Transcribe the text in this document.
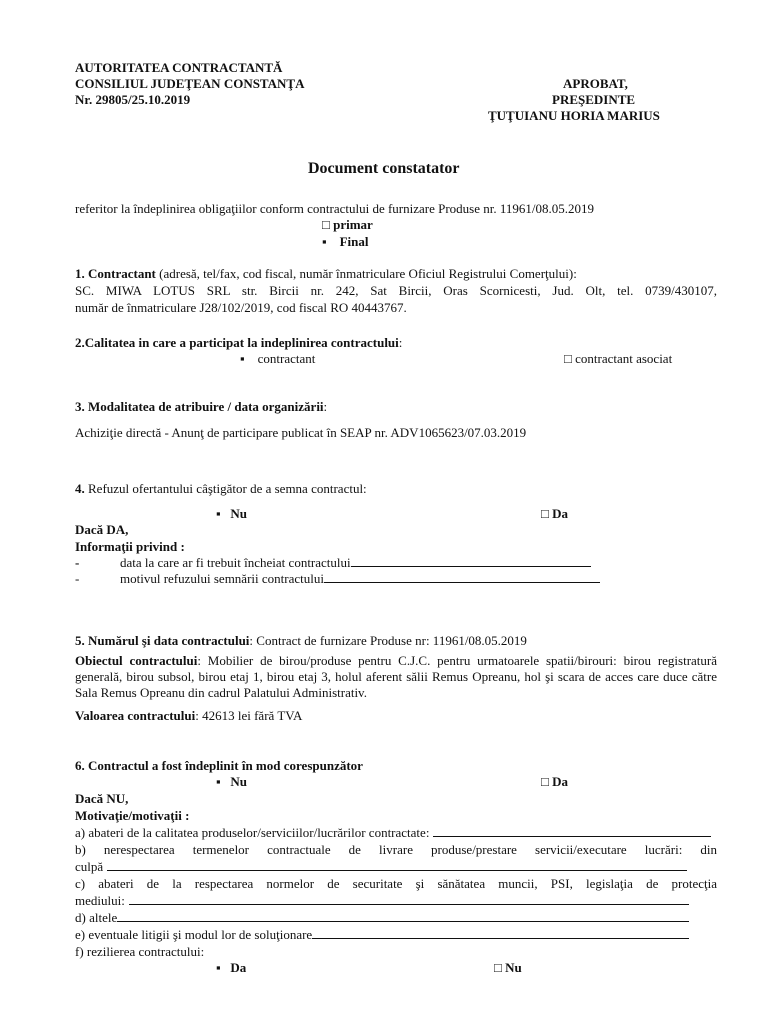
AUTORITATEA CONTRACTANTĂ
CONSILIUL JUDEŢEAN CONSTANŢA
Nr. 29805/25.10.2019
APROBAT,
PREŞEDINTE
ŢUŢUIANU HORIA MARIUS
Document constatator
referitor la îndeplinirea obligaţiilor conform contractului de furnizare Produse nr. 11961/08.05.2019
□ primar
▪ Final
1. Contractant (adresă, tel/fax, cod fiscal, număr înmatriculare Oficiul Registrului Comerţului):
SC. MIWA LOTUS SRL str. Bircii nr. 242, Sat Bircii, Oras Scornicesti, Jud. Olt, tel. 0739/430107,
număr de înmatriculare J28/102/2019, cod fiscal RO 40443767.
2.Calitatea in care a participat la indeplinirea contractului:
▪ contractant	□ contractant asociat
3. Modalitatea de atribuire / data organizării:
Achiziţie directă - Anunţ de participare publicat în SEAP nr. ADV1065623/07.03.2019
4. Refuzul ofertantului câştigător de a semna contractul:
▪ Nu	□ Da
Dacă DA,
Informaţii privind :
-	data la care ar fi trebuit încheiat contractului
-	motivul refuzului semnării contractului
5. Numărul şi data contractului: Contract de furnizare Produse nr: 11961/08.05.2019
Obiectul contractului: Mobilier de birou/produse pentru C.J.C. pentru urmatoarele spatii/birouri: birou registratură generală, birou subsol, birou etaj 1, birou etaj 3, holul aferent sălii Remus Opreanu, hol şi scara de acces care duce către Sala Remus Opreanu din cadrul Palatului Administrativ.
Valoarea contractului: 42613 lei fără TVA
6. Contractul a fost îndeplinit în mod corespunzător
▪ Nu	□ Da
Dacă NU,
Motivaţie/motivaţii :
a) abateri de la calitatea produselor/serviciilor/lucrărilor contractate:
b) nerespectarea termenelor contractuale de livrare produse/prestare servicii/executare lucrări: din
culpă
c) abateri de la respectarea normelor de securitate şi sănătatea muncii, PSI, legislaţia de protecţia
mediului:
d) altele
e) eventuale litigii şi modul lor de soluţionare
f) rezilierea contractului:
▪ Da	□ Nu
